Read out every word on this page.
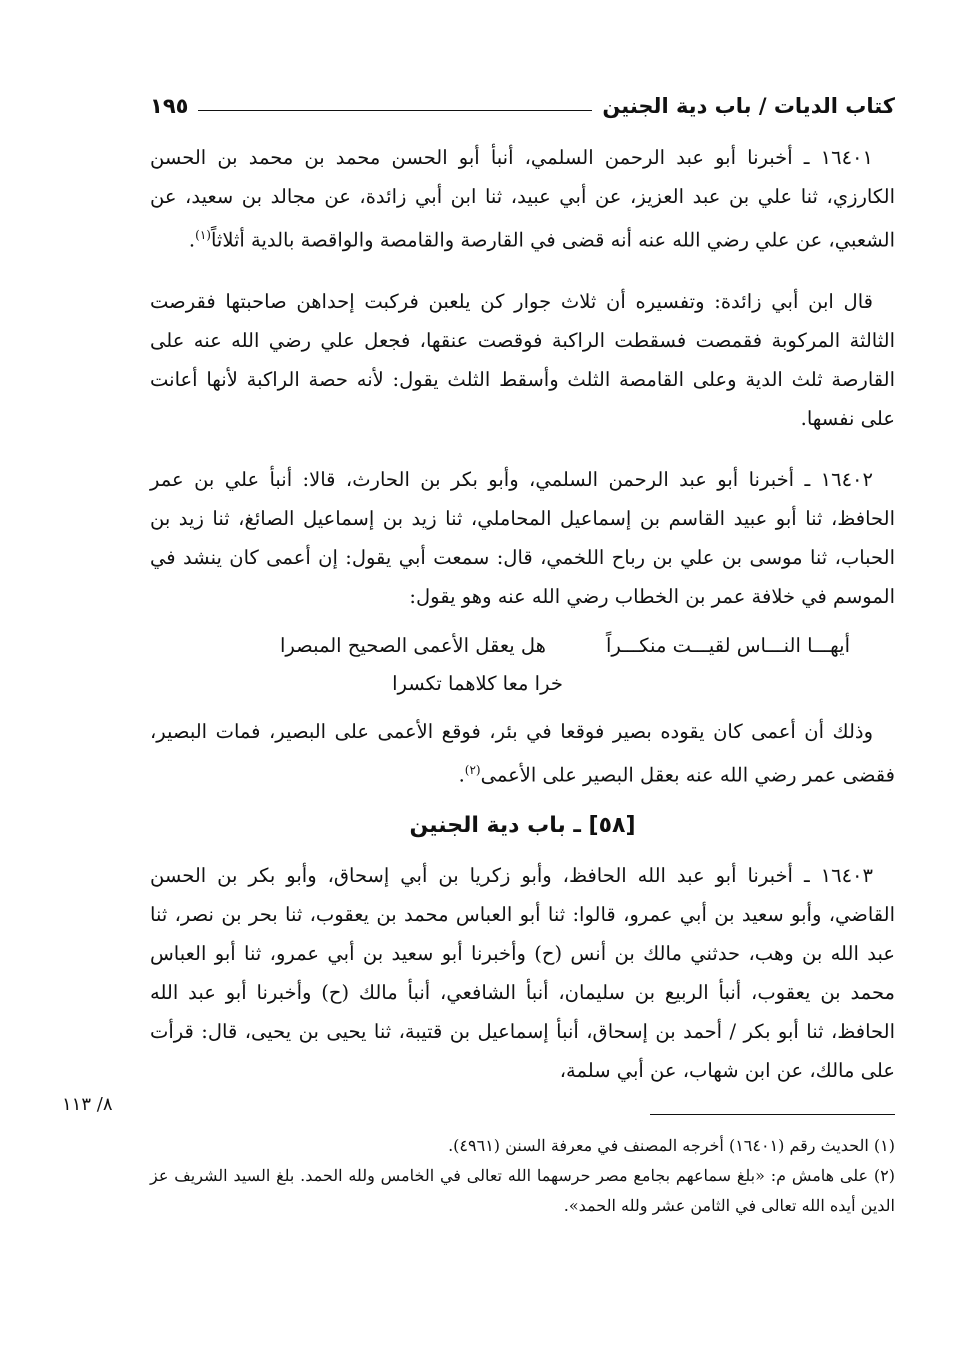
كتاب الديات / باب دية الجنين
١٩٥

١٦٤٠١ ـ أخبرنا أبو عبد الرحمن السلمي، أنبأ أبو الحسن محمد بن محمد بن الحسن الكارزي، ثنا علي بن عبد العزيز، عن أبي عبيد، ثنا ابن أبي زائدة، عن مجالد بن سعيد، عن الشعبي، عن علي رضي الله عنه أنه قضى في القارصة والقامصة والواقصة بالدية أثلاثاً$^{(١)}$.

قال ابن أبي زائدة: وتفسيره أن ثلاث جوار كن يلعبن فركبت إحداهن صاحبتها فقرصت الثالثة المركوبة فقمصت فسقطت الراكبة فوقصت عنقها، فجعل علي رضي الله عنه على القارصة ثلث الدية وعلى القامصة الثلث وأسقط الثلث يقول: لأنه حصة الراكبة لأنها أعانت على نفسها.

١٦٤٠٢ ـ أخبرنا أبو عبد الرحمن السلمي، وأبو بكر بن الحارث، قالا: أنبأ علي بن عمر الحافظ، ثنا أبو عبيد القاسم بن إسماعيل المحاملي، ثنا زيد بن إسماعيل الصائغ، ثنا زيد بن الحباب، ثنا موسى بن علي بن رباح اللخمي، قال: سمعت أبي يقول: إن أعمى كان ينشد في الموسم في خلافة عمر بن الخطاب رضي الله عنه وهو يقول:

أيهـــا النـــاس لقيـــت منكـــراً
هل يعقل الأعمى الصحيح المبصرا
خرا معا كلاهما تكسرا

وذلك أن أعمى كان يقوده بصير فوقعا في بئر، فوقع الأعمى على البصير، فمات البصير، فقضى عمر رضي الله عنه بعقل البصير على الأعمى$^{(٢)}$.

[٥٨] ـ باب دية الجنين

١٦٤٠٣ ـ أخبرنا أبو عبد الله الحافظ، وأبو زكريا بن أبي إسحاق، وأبو بكر بن الحسن القاضي، وأبو سعيد بن أبي عمرو، قالوا: ثنا أبو العباس محمد بن يعقوب، ثنا بحر بن نصر، ثنا عبد الله بن وهب، حدثني مالك بن أنس (ح) وأخبرنا أبو سعيد بن أبي عمرو، ثنا أبو العباس محمد بن يعقوب، أنبأ الربيع بن سليمان، أنبأ الشافعي، أنبأ مالك (ح) وأخبرنا أبو عبد الله الحافظ، ثنا أبو بكر / أحمد بن إسحاق، أنبأ إسماعيل بن قتيبة، ثنا يحيى بن يحيى، قال: قرأت على مالك، عن ابن شهاب، عن أبي سلمة،

(١) الحديث رقم (١٦٤٠١) أخرجه المصنف في معرفة السنن (٤٩٦١).

(٢) على هامش م: «بلغ سماعهم بجامع مصر حرسهما الله تعالى في الخامس ولله الحمد. بلغ السيد الشريف عز الدين أيده الله تعالى في الثامن عشر ولله الحمد».

٨/ ١١٣
